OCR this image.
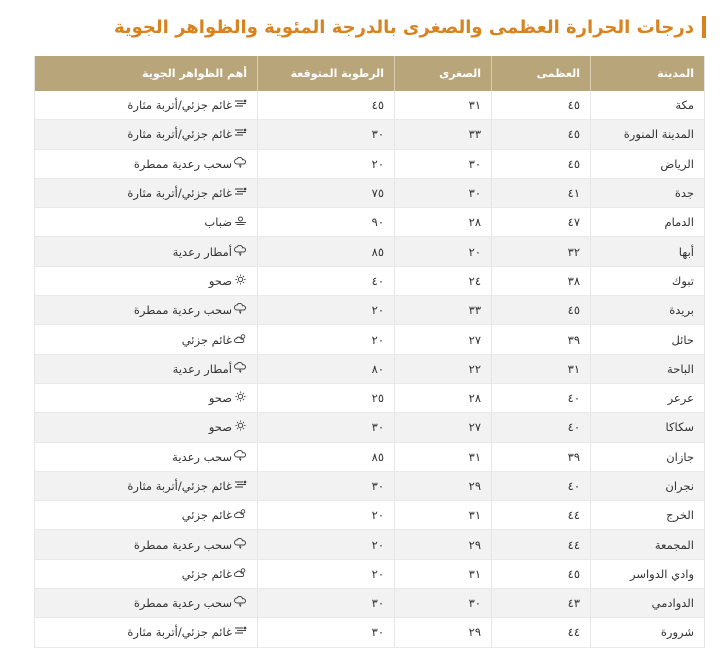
درجات الحرارة العظمى والصغرى بالدرجة المئوية والظواهر الجوية
المدينة	العظمى	الصغرى	الرطوبة المتوقعة	أهم الظواهر الجوية
مكة	٤٥	٣١	٤٥	غائم جزئي/أتربة مثارة

المدينة المنورة	٤٥	٣٣	٣٠	غائم جزئي/أتربة مثارة

الرياض	٤٥	٣٠	٢٠	سحب رعدية ممطرة

جدة	٤١	٣٠	٧٥	غائم جزئي/أتربة مثارة

الدمام	٤٧	٢٨	٩٠	ضباب

أبها	٣٢	٢٠	٨٥	أمطار رعدية

تبوك	٣٨	٢٤	٤٠	صحو

بريدة	٤٥	٣٣	٢٠	سحب رعدية ممطرة

حائل	٣٩	٢٧	٢٠	غائم جزئي

الباحة	٣١	٢٢	٨٠	أمطار رعدية

عرعر	٤٠	٢٨	٢٥	صحو

سكاكا	٤٠	٢٧	٣٠	صحو

جازان	٣٩	٣١	٨٥	سحب رعدية

نجران	٤٠	٢٩	٣٠	غائم جزئي/أتربة مثارة

الخرج	٤٤	٣١	٢٠	غائم جزئي

المجمعة	٤٤	٢٩	٢٠	سحب رعدية ممطرة

وادي الدواسر	٤٥	٣١	٢٠	غائم جزئي

الدوادمي	٤٣	٣٠	٣٠	سحب رعدية ممطرة

شرورة	٤٤	٢٩	٣٠	غائم جزئي/أتربة مثارة
